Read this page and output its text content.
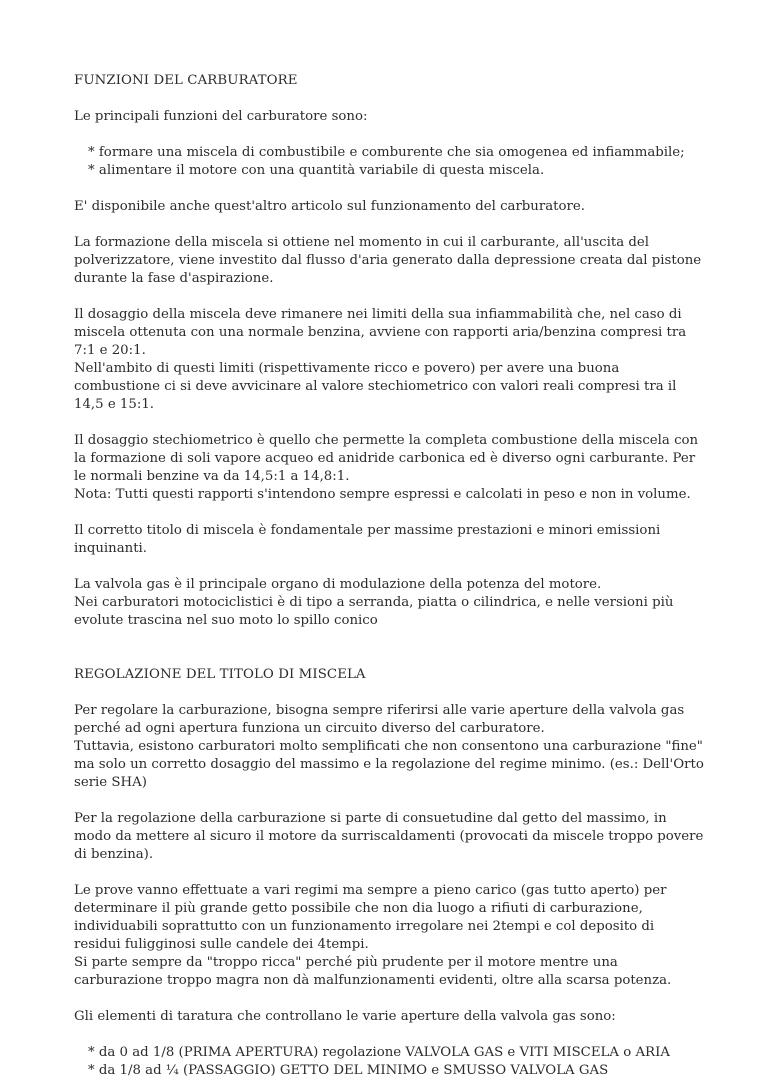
FUNZIONI DEL CARBURATORE

Le principali funzioni del carburatore sono:

* formare una miscela di combustibile e comburente che sia omogenea ed infiammabile;
* alimentare il motore con una quantità variabile di questa miscela.

E' disponibile anche quest'altro articolo sul funzionamento del carburatore.

La formazione della miscela si ottiene nel momento in cui il carburante, all'uscita del polverizzatore, viene investito dal flusso d'aria generato dalla depressione creata dal pistone durante la fase d'aspirazione.

Il dosaggio della miscela deve rimanere nei limiti della sua infiammabilità che, nel caso di miscela ottenuta con una normale benzina, avviene con rapporti aria/benzina compresi tra 7:1 e 20:1.

Nell'ambito di questi limiti (rispettivamente ricco e povero) per avere una buona combustione ci si deve avvicinare al valore stechiometrico con valori reali compresi tra il 14,5 e 15:1.

Il dosaggio stechiometrico è quello che permette la completa combustione della miscela con la formazione di soli vapore acqueo ed anidride carbonica ed è diverso ogni carburante. Per le normali benzine va da 14,5:1 a 14,8:1.

Nota: Tutti questi rapporti s'intendono sempre espressi e calcolati in peso e non in volume.

Il corretto titolo di miscela è fondamentale per massime prestazioni e minori emissioni inquinanti.

La valvola gas è il principale organo di modulazione della potenza del motore.

Nei carburatori motociclistici è di tipo a serranda, piatta o cilindrica, e nelle versioni più evolute trascina nel suo moto lo spillo conico

REGOLAZIONE DEL TITOLO DI MISCELA

Per regolare la carburazione, bisogna sempre riferirsi alle varie aperture della valvola gas perché ad ogni apertura funziona un circuito diverso del carburatore.

Tuttavia, esistono carburatori molto semplificati che non consentono una carburazione "fine" ma solo un corretto dosaggio del massimo e la regolazione del regime minimo. (es.: Dell'Orto serie SHA)

Per la regolazione della carburazione si parte di consuetudine dal getto del massimo, in modo da mettere al sicuro il motore da surriscaldamenti (provocati da miscele troppo povere di benzina).

Le prove vanno effettuate a vari regimi ma sempre a pieno carico (gas tutto aperto) per determinare il più grande getto possibile che non dia luogo a rifiuti di carburazione, individuabili soprattutto con un funzionamento irregolare nei 2tempi e col deposito di residui fuligginosi sulle candele dei 4tempi.

Si parte sempre da "troppo ricca" perché più prudente per il motore mentre una carburazione troppo magra non dà malfunzionamenti evidenti, oltre alla scarsa potenza.

Gli elementi di taratura che controllano le varie aperture della valvola gas sono:

* da 0 ad 1/8 (PRIMA APERTURA) regolazione VALVOLA GAS e VITI MISCELA o ARIA
* da 1/8 ad ¼ (PASSAGGIO) GETTO DEL MINIMO e SMUSSO VALVOLA GAS
